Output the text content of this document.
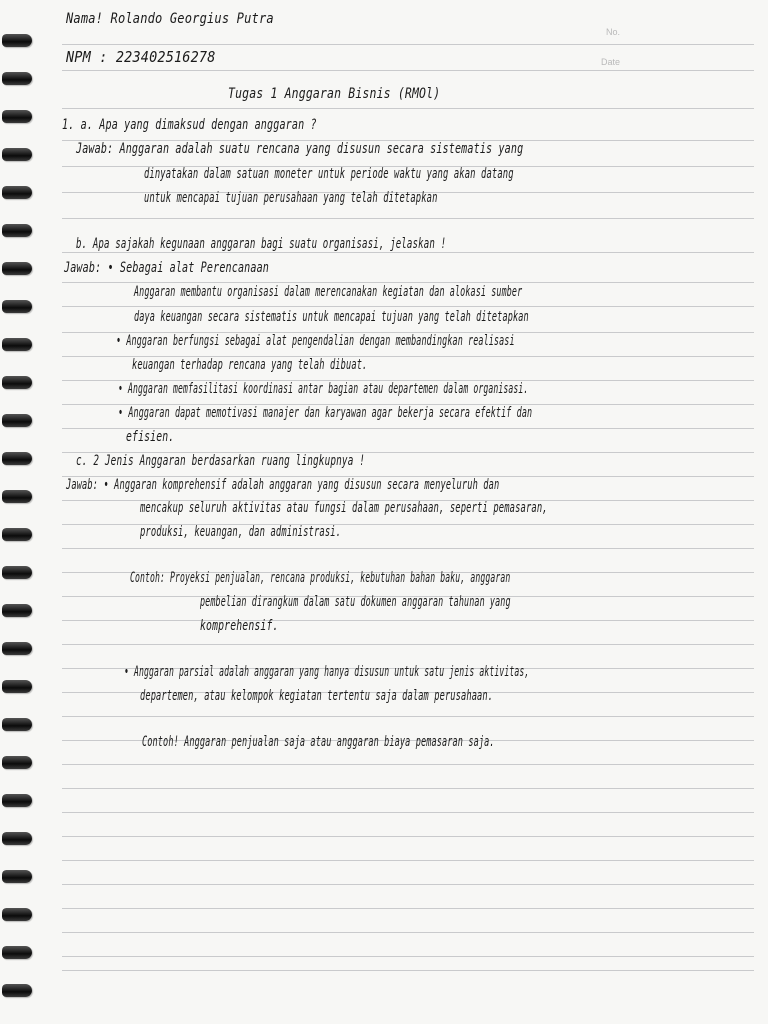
No.
Date
Nama! Rolando Georgius Putra
NPM : 223402516278
Tugas 1 Anggaran Bisnis (RMOl)
1. a. Apa yang dimaksud dengan anggaran ?
Jawab: Anggaran adalah suatu rencana yang disusun secara sistematis yang
dinyatakan dalam satuan moneter untuk periode waktu yang akan datang
untuk mencapai tujuan perusahaan yang telah ditetapkan
b. Apa sajakah kegunaan anggaran bagi suatu organisasi, jelaskan !
Jawab: • Sebagai alat Perencanaan
Anggaran membantu organisasi dalam merencanakan kegiatan dan alokasi sumber
daya keuangan secara sistematis untuk mencapai tujuan yang telah ditetapkan
• Anggaran berfungsi sebagai alat pengendalian dengan membandingkan realisasi
keuangan terhadap rencana yang telah dibuat.
• Anggaran memfasilitasi koordinasi antar bagian atau departemen dalam organisasi.
• Anggaran dapat memotivasi manajer dan karyawan agar bekerja secara efektif dan
efisien.
c. 2 Jenis Anggaran berdasarkan ruang lingkupnya !
Jawab: • Anggaran komprehensif adalah anggaran yang disusun secara menyeluruh dan
mencakup seluruh aktivitas atau fungsi dalam perusahaan, seperti pemasaran,
produksi, keuangan, dan administrasi.
Contoh: Proyeksi penjualan, rencana produksi, kebutuhan bahan baku, anggaran
pembelian dirangkum dalam satu dokumen anggaran tahunan yang
komprehensif.
• Anggaran parsial adalah anggaran yang hanya disusun untuk satu jenis aktivitas,
departemen, atau kelompok kegiatan tertentu saja dalam perusahaan.
Contoh! Anggaran penjualan saja atau anggaran biaya pemasaran saja.
